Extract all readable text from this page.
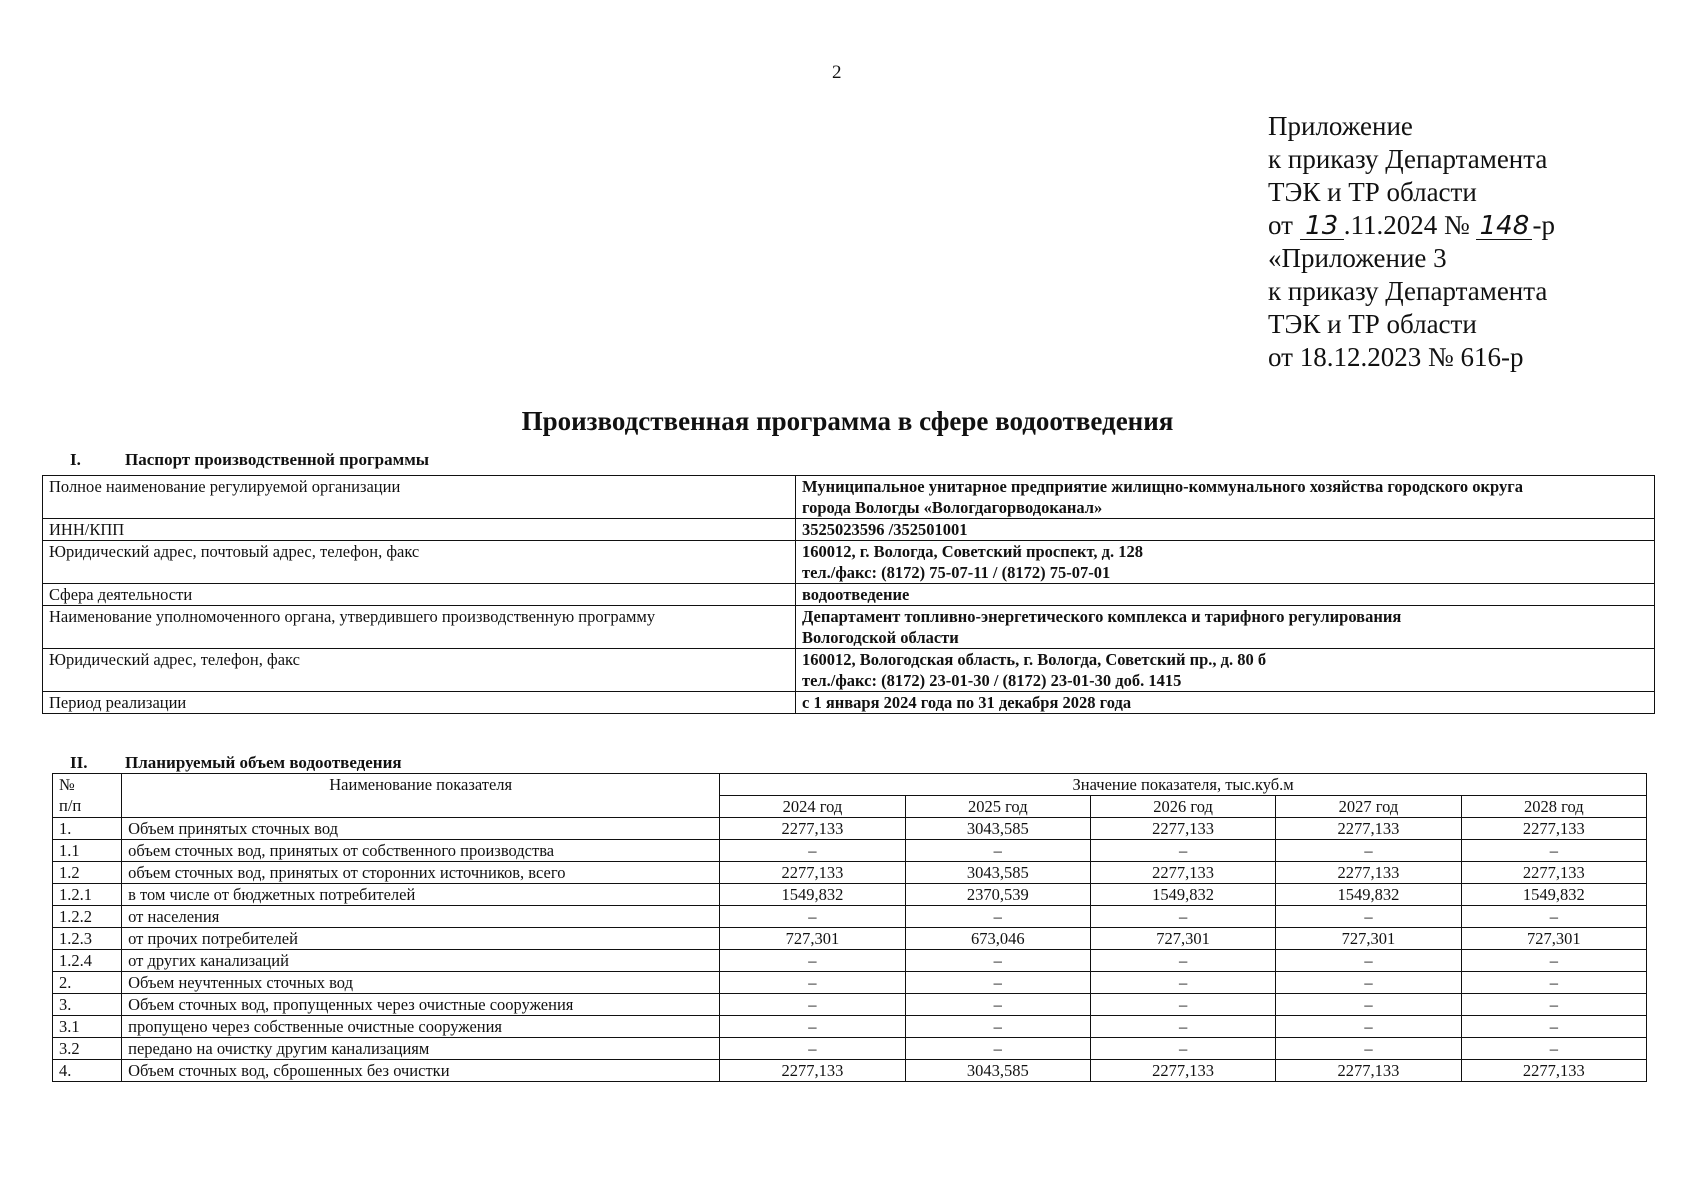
2
Приложение
к приказу Департамента
ТЭК и ТР области
от 13 .11.2024 № 148 -р
«Приложение 3
к приказу Департамента
ТЭК и ТР области
от 18.12.2023 № 616-р
Производственная программа в сфере водоотведения
I.	Паспорт производственной программы
Полное наименование регулируемой организации	Муниципальное унитарное предприятие жилищно-коммунального хозяйства городского округа
города Вологды «Вологдагорводоканал»

ИНН/КПП	3525023596 /352501001

Юридический адрес, почтовый адрес, телефон, факс	160012, г. Вологда, Советский проспект, д. 128
тел./факс: (8172) 75-07-11 / (8172) 75-07-01

Сфера деятельности	водоотведение

Наименование уполномоченного органа, утвердившего производственную программу	Департамент топливно-энергетического комплекса и тарифного регулирования
Вологодской области

Юридический адрес, телефон, факс	160012, Вологодская область, г. Вологда, Советский пр., д. 80 б
тел./факс: (8172) 23-01-30 / (8172) 23-01-30 доб. 1415

Период реализации	с 1 января 2024 года по 31 декабря 2028 года
II. Планируемый объем водоотведения
№
п/п	Наименование показателя	Значение показателя, тыс.куб.м				
		2024 год	2025 год	2026 год	2027 год	2028 год
1.	Объем принятых сточных вод	2277,133	3043,585	2277,133	2277,133	2277,133
1.1	объем сточных вод, принятых от собственного производства	–	–	–	–	–
1.2	объем сточных вод, принятых от сторонних источников, всего	2277,133	3043,585	2277,133	2277,133	2277,133
1.2.1	в том числе от бюджетных потребителей	1549,832	2370,539	1549,832	1549,832	1549,832
1.2.2	от населения	–	–	–	–	–
1.2.3	от прочих потребителей	727,301	673,046	727,301	727,301	727,301
1.2.4	от других канализаций	–	–	–	–	–
2.	Объем неучтенных сточных вод	–	–	–	–	–
3.	Объем сточных вод, пропущенных через очистные сооружения	–	–	–	–	–
3.1	пропущено через собственные очистные сооружения	–	–	–	–	–
3.2	передано на очистку другим канализациям	–	–	–	–	–
4.	Объем сточных вод, сброшенных без очистки	2277,133	3043,585	2277,133	2277,133	2277,133
